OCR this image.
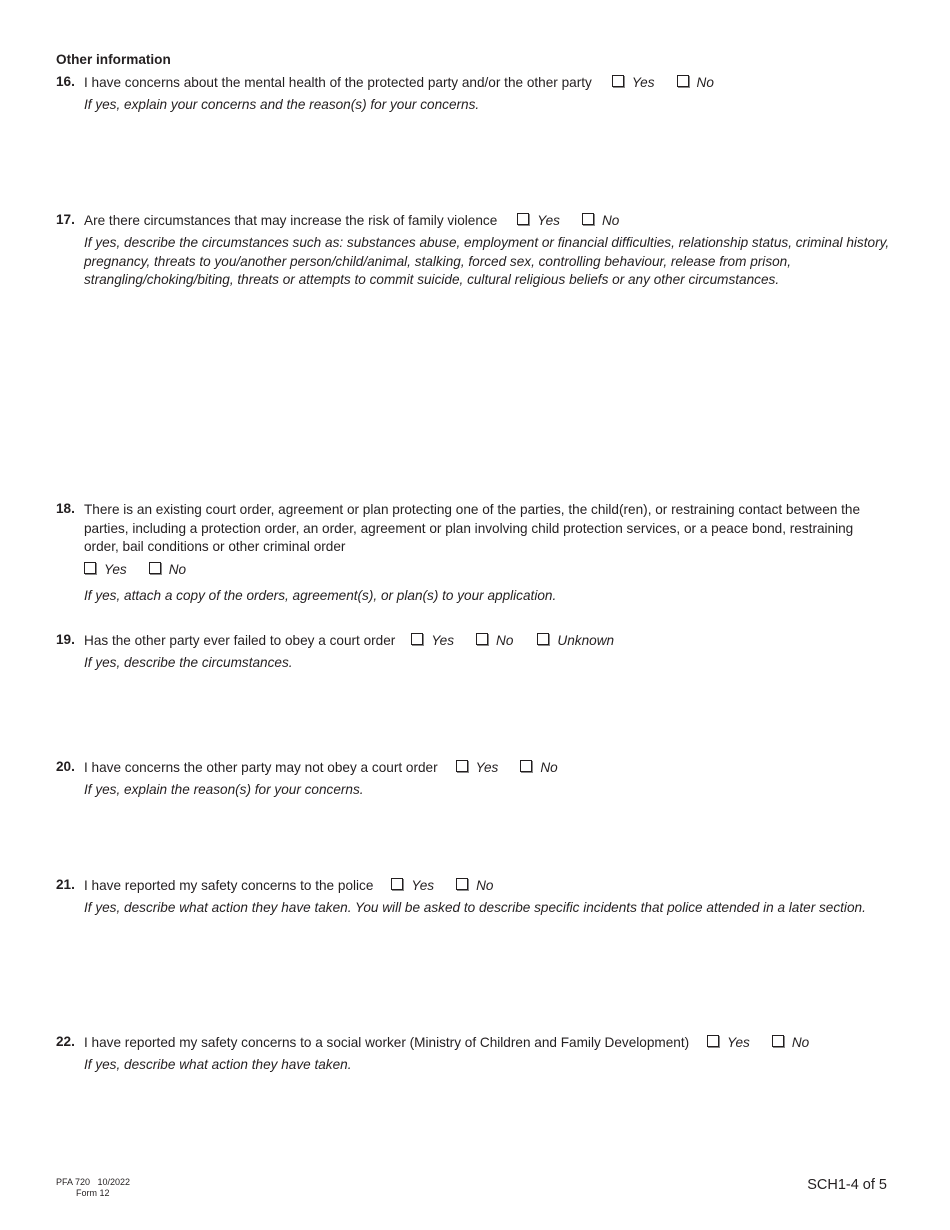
Other information
16. I have concerns about the mental health of the protected party and/or the other party	Yes	No
If yes, explain your concerns and the reason(s) for your concerns.
17. Are there circumstances that may increase the risk of family violence	Yes	No
If yes, describe the circumstances such as: substances abuse, employment or financial difficulties, relationship status, criminal history, pregnancy, threats to you/another person/child/animal, stalking, forced sex, controlling behaviour, release from prison, strangling/choking/biting, threats or attempts to commit suicide, cultural religious beliefs or any other circumstances.
18. There is an existing court order, agreement or plan protecting one of the parties, the child(ren), or restraining contact between the parties, including a protection order, an order, agreement or plan involving child protection services, or a peace bond, restraining order, bail conditions or other criminal order
Yes	No
If yes, attach a copy of the orders, agreement(s), or plan(s) to your application.
19. Has the other party ever failed to obey a court order	Yes	No	Unknown
If yes, describe the circumstances.
20. I have concerns the other party may not obey a court order	Yes	No
If yes, explain the reason(s) for your concerns.
21. I have reported my safety concerns to the police	Yes	No
If yes, describe what action they have taken. You will be asked to describe specific incidents that police attended in a later section.
22. I have reported my safety concerns to a social worker (Ministry of Children and Family Development)	Yes	No
If yes, describe what action they have taken.
PFA 720   10/2022
Form 12	SCH1-4 of 5
